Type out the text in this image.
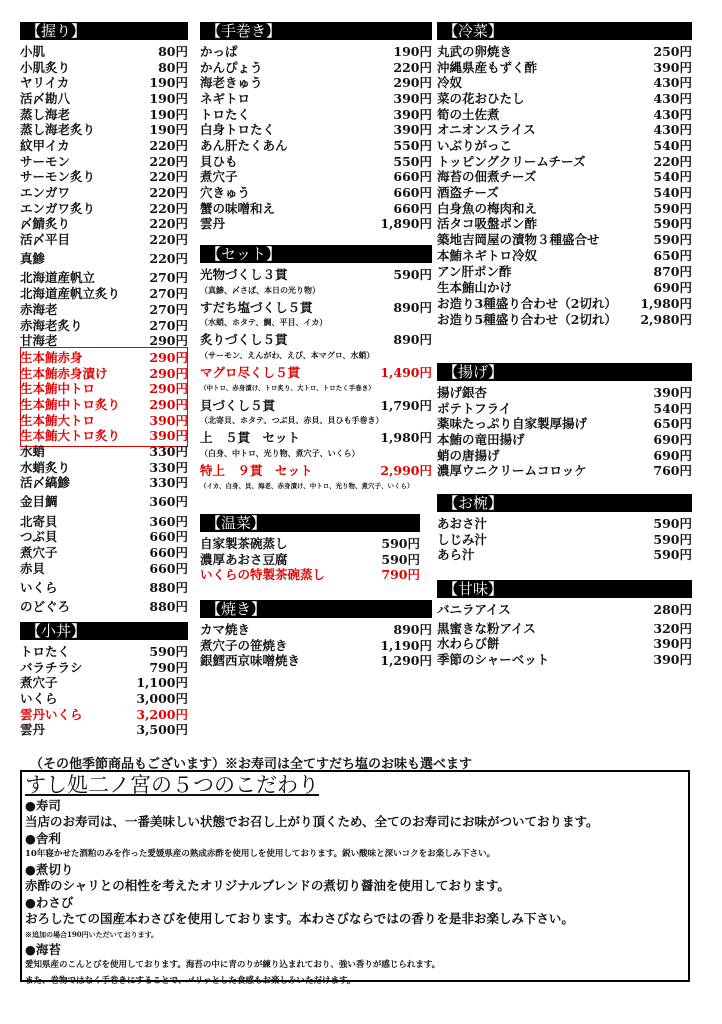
【握り】
小肌	80円
小肌炙り	80円
ヤリイカ	190円
活〆勘八	190円
蒸し海老	190円
蒸し海老炙り	190円
紋甲イカ	220円
サーモン	220円
サーモン炙り	220円
エンガワ	220円
エンガワ炙り	220円
〆鯖炙り	220円
活〆平目	220円
真鯵	220円
北海道産帆立	270円
北海道産帆立炙り 270円
赤海老	270円
赤海老炙り	270円
甘海老	290円
生本鮪赤身	290円
生本鮪赤身漬け	290円
生本鮪中トロ	290円
生本鮪中トロ炙り 290円
生本鮪大トロ	390円
生本鮪大トロ炙り 390円
水蛸	330円
水蛸炙り	330円
活〆縞鯵	330円
金目鯛	360円
北寄貝	360円
つぶ貝	660円
煮穴子	660円
赤貝	660円
いくら	880円
のどぐろ	880円
【小丼】
トロたく	590円
バラチラシ	790円
煮穴子	1,100円
いくら	3,000円
雲丹いくら	3,200円
雲丹	3,500円
【手巻き】
かっぱ	190円
かんぴょう	220円
海老きゅう	290円
ネギトロ	390円
トロたく	390円
白身トロたく	390円
あん肝たくあん	550円
貝ひも	550円
煮穴子	660円
穴きゅう	660円
蟹の味噌和え	660円
雲丹	1,890円
【セット】
光物づくし３貫	590円
（真鯵、〆さば、本日の光り物）
すだち塩づくし５貫	890円
（水蛸、ホタテ、鯛、平目、イカ）
炙りづくし５貫	890円
（サーモン、えんがわ、えび、本マグロ、水蛸）
マグロ尽くし５貫	1,490円
（中トロ、赤身漬け、トロ炙り、大トロ、トロたく手巻き）
貝づくし５貫	1,790円
（北寄貝、ホタテ、つぶ貝、赤貝、貝ひも手巻き）
上　５貫　セット	1,980円
（白身、中トロ、光り物、煮穴子、いくら）
特上　９貫　セット	2,990円
（イカ、白身、貝、海老、赤身漬け、中トロ、光り物、煮穴子、いくら）
【温菜】
自家製茶碗蒸し	590円
濃厚あおさ豆腐	590円
いくらの特製茶碗蒸し	790円
【焼き】
カマ焼き	890円
煮穴子の笹焼き	1,190円
銀鱈西京味噌焼き	1,290円
【冷菜】
丸武の卵焼き	250円
沖縄県産もずく酢	390円
冷奴	430円
菜の花おひたし	430円
筍の土佐煮	430円
オニオンスライス	430円
いぶりがっこ	540円
トッピングクリームチーズ	220円
海苔の佃煮チーズ	540円
酒盗チーズ	540円
白身魚の梅肉和え	590円
活タコ吸盤ポン酢	590円
築地吉岡屋の漬物３種盛合せ	590円
本鮪ネギトロ冷奴	650円
アン肝ポン酢	870円
生本鮪山かけ	690円
お造り3種盛り合わせ（2切れ） 1,980円
お造り5種盛り合わせ（2切れ） 2,980円
【揚げ】
揚げ銀杏	390円
ポテトフライ	540円
薬味たっぷり自家製厚揚げ	650円
本鮪の竜田揚げ	690円
蛸の唐揚げ	690円
濃厚ウニクリームコロッケ	760円
【お椀】
あおさ汁	590円
しじみ汁	590円
あら汁	590円
【甘味】
バニラアイス	280円
黒蜜きな粉アイス	320円
水わらび餅	390円
季節のシャーベット	390円
（その他季節商品もございます）※お寿司は全てすだち塩のお味も選べます
すし処二ノ宮の５つのこだわり
●寿司
当店のお寿司は、一番美味しい状態でお召し上がり頂くため、全てのお寿司にお味がついております。
●舎利
10年寝かせた酒粕のみを作った愛媛県産の熟成赤酢を使用しを使用しております。鋭い酸味と深いコクをお楽しみ下さい。
●煮切り
赤酢のシャリとの相性を考えたオリジナルブレンドの煮切り醤油を使用しております。
●わさび
おろしたての国産本わさびを使用しております。本わさびならではの香りを是非お楽しみ下さい。
※追加の場合190円いただいております。
●海苔
愛知県産のこんとびを使用しております。海苔の中に青のりが練り込まれており、強い香りが感じられます。
また、巻物ではなく手巻きにすることで、パリッとした食感もお楽しみいただけます。
